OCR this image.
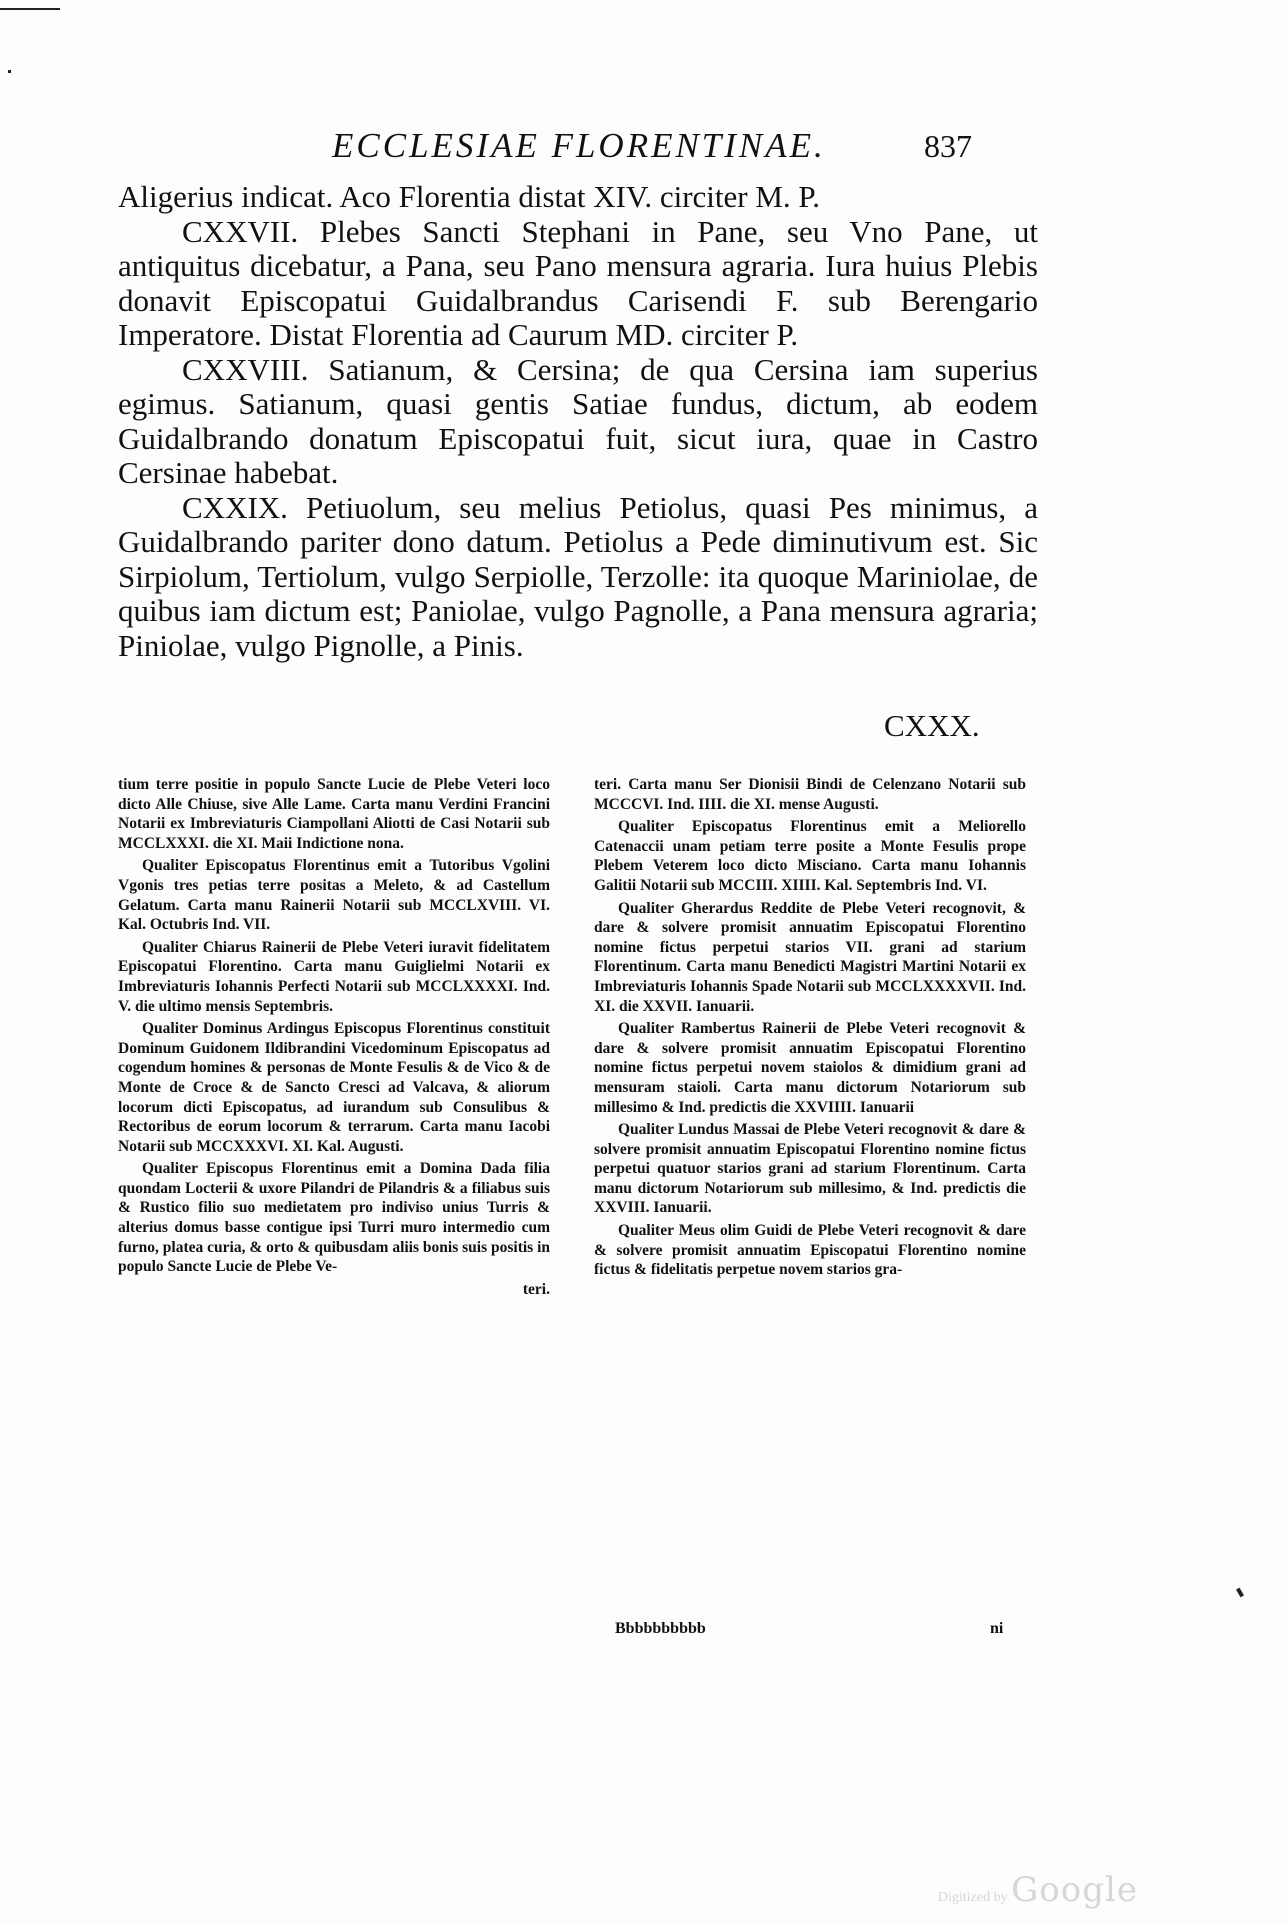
ECCLESIAE FLORENTINAE.	837

Aligerius indicat. Aco Florentia distat XIV. circiter M. P.

CXXVII. Plebes Sancti Stephani in Pane, seu Vno Pane, ut antiquitus dicebatur, a Pana, seu Pano mensura agraria. Iura huius Plebis donavit Episcopatui Guidalbrandus Carisendi F. sub Berengario Imperatore. Distat Florentia ad Caurum MD. circiter P.

CXXVIII. Satianum, & Cersina; de qua Cersina iam superius egimus. Satianum, quasi gentis Satiae fundus, dictum, ab eodem Guidalbrando donatum Episcopatui fuit, sicut iura, quae in Castro Cersinae habebat.

CXXIX. Petiuolum, seu melius Petiolus, quasi Pes minimus, a Guidalbrando pariter dono datum. Petiolus a Pede diminutivum est. Sic Sirpiolum, Tertiolum, vulgo Serpiolle, Terzolle: ita quoque Mariniolae, de quibus iam dictum est; Paniolae, vulgo Pagnolle, a Pana mensura agraria; Piniolae, vulgo Pignolle, a Pinis.

CXXX.

tium terre positie in populo Sancte Lucie de Plebe Veteri loco dicto Alle Chiuse, sive Alle Lame. Carta manu Verdini Francini Notarii ex Imbreviaturis Ciampollani Aliotti de Casi Notarii sub MCCLXXXI. die XI. Maii Indictione nona.

Qualiter Episcopatus Florentinus emit a Tutoribus Vgolini Vgonis tres petias terre positas a Meleto, & ad Castellum Gelatum. Carta manu Rainerii Notarii sub MCCLXVIII. VI. Kal. Octubris Ind. VII.

Qualiter Chiarus Rainerii de Plebe Veteri iuravit fidelitatem Episcopatui Florentino. Carta manu Guiglielmi Notarii ex Imbreviaturis Iohannis Perfecti Notarii sub MCCLXXXXI. Ind. V. die ultimo mensis Septembris.

Qualiter Dominus Ardingus Episcopus Florentinus constituit Dominum Guidonem Ildibrandini Vicedominum Episcopatus ad cogendum homines & personas de Monte Fesulis & de Vico & de Monte de Croce & de Sancto Cresci ad Valcava, & aliorum locorum dicti Episcopatus, ad iurandum sub Consulibus & Rectoribus de eorum locorum & terrarum. Carta manu Iacobi Notarii sub MCCXXXVI. XI. Kal. Augusti.

Qualiter Episcopus Florentinus emit a Domina Dada filia quondam Locterii & uxore Pilandri de Pilandris & a filiabus suis & Rustico filio suo medietatem pro indiviso unius Turris & alterius domus basse contigue ipsi Turri muro intermedio cum furno, platea curia, & orto & quibusdam aliis bonis suis positis in populo Sancte Lucie de Plebe Ve-

teri.

teri. Carta manu Ser Dionisii Bindi de Celenzano Notarii sub MCCCVI. Ind. IIII. die XI. mense Augusti.

Qualiter Episcopatus Florentinus emit a Meliorello Catenaccii unam petiam terre posite a Monte Fesulis prope Plebem Veterem loco dicto Misciano. Carta manu Iohannis Galitii Notarii sub MCCIII. XIIII. Kal. Septembris Ind. VI.

Qualiter Gherardus Reddite de Plebe Veteri recognovit, & dare & solvere promisit annuatim Episcopatui Florentino nomine fictus perpetui starios VII. grani ad starium Florentinum. Carta manu Benedicti Magistri Martini Notarii ex Imbreviaturis Iohannis Spade Notarii sub MCCLXXXXVII. Ind. XI. die XXVII. Ianuarii.

Qualiter Rambertus Rainerii de Plebe Veteri recognovit & dare & solvere promisit annuatim Episcopatui Florentino nomine fictus perpetui novem staiolos & dimidium grani ad mensuram staioli. Carta manu dictorum Notariorum sub millesimo & Ind. predictis die XXVIIII. Ianuarii

Qualiter Lundus Massai de Plebe Veteri recognovit & dare & solvere promisit annuatim Episcopatui Florentino nomine fictus perpetui quatuor starios grani ad starium Florentinum. Carta manu dictorum Notariorum sub millesimo, & Ind. predictis die XXVIII. Ianuarii.

Qualiter Meus olim Guidi de Plebe Veteri recognovit & dare & solvere promisit annuatim Episcopatui Florentino nomine fictus & fidelitatis perpetue novem starios gra-

Bbbbbbbbbb	ni
Digitized by Google
